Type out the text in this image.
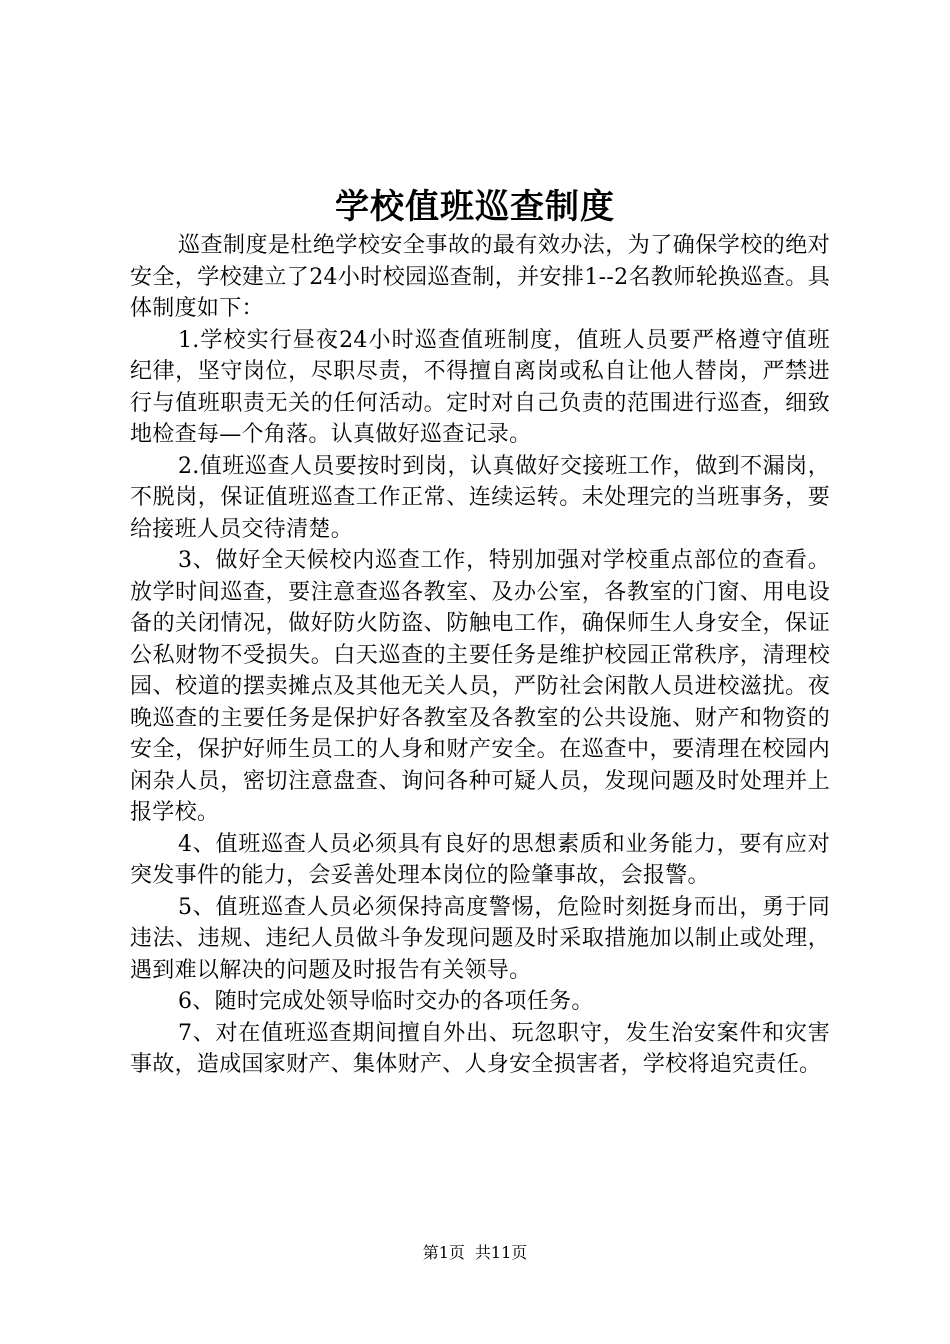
学校值班巡查制度

巡查制度是杜绝学校安全事故的最有效办法，为了确保学校的绝对安全，学校建立了24小时校园巡查制，并安排1--2名教师轮换巡查。具体制度如下：

1.学校实行昼夜24小时巡查值班制度，值班人员要严格遵守值班纪律，坚守岗位，尽职尽责，不得擅自离岗或私自让他人替岗，严禁进行与值班职责无关的任何活动。定时对自己负责的范围进行巡查，细致地检查每—个角落。认真做好巡查记录。

2.值班巡查人员要按时到岗，认真做好交接班工作，做到不漏岗，不脱岗，保证值班巡查工作正常、连续运转。未处理完的当班事务，要给接班人员交待清楚。

3、做好全天候校内巡查工作，特别加强对学校重点部位的查看。放学时间巡查，要注意查巡各教室、及办公室，各教室的门窗、用电设备的关闭情况，做好防火防盗、防触电工作，确保师生人身安全，保证公私财物不受损失。白天巡查的主要任务是维护校园正常秩序，清理校园、校道的摆卖摊点及其他无关人员，严防社会闲散人员进校滋扰。夜晚巡查的主要任务是保护好各教室及各教室的公共设施、财产和物资的安全，保护好师生员工的人身和财产安全。在巡查中，要清理在校园内闲杂人员，密切注意盘查、询问各种可疑人员，发现问题及时处理并上报学校。

4、值班巡查人员必须具有良好的思想素质和业务能力，要有应对突发事件的能力，会妥善处理本岗位的险肇事故，会报警。

5、值班巡查人员必须保持高度警惕，危险时刻挺身而出，勇于同违法、违规、违纪人员做斗争发现问题及时采取措施加以制止或处理，遇到难以解决的问题及时报告有关领导。

6、随时完成处领导临时交办的各项任务。

7、对在值班巡查期间擅自外出、玩忽职守，发生治安案件和灾害事故，造成国家财产、集体财产、人身安全损害者，学校将追究责任。

第1页 共11页
